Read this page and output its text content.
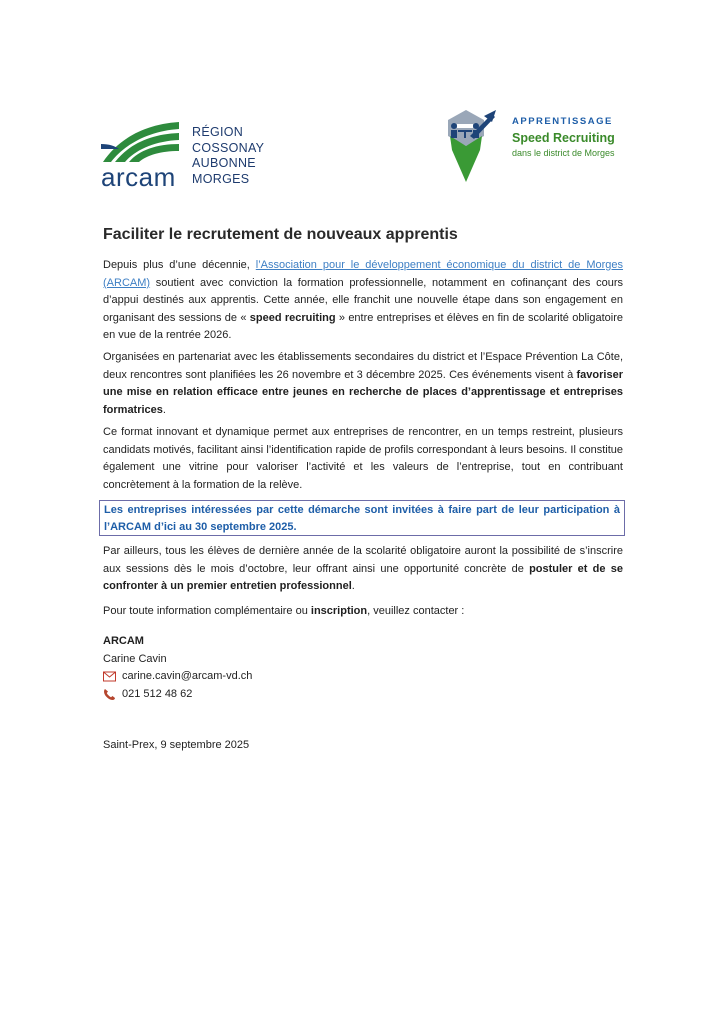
arcam
RÉGION
COSSONAY
AUBONNE
MORGES
APPRENTISSAGE
Speed Recruiting
dans le district de Morges
Faciliter le recrutement de nouveaux apprentis
Depuis plus d’une décennie, l’Association pour le développement économique du district de Morges (ARCAM) soutient avec conviction la formation professionnelle, notamment en cofinançant des cours d’appui destinés aux apprentis. Cette année, elle franchit une nouvelle étape dans son engagement en organisant des sessions de « speed recruiting » entre entreprises et élèves en fin de scolarité obligatoire en vue de la rentrée 2026.
Organisées en partenariat avec les établissements secondaires du district et l’Espace Prévention La Côte, deux rencontres sont planifiées les 26 novembre et 3 décembre 2025. Ces événements visent à favoriser une mise en relation efficace entre jeunes en recherche de places d’apprentissage et entreprises formatrices.
Ce format innovant et dynamique permet aux entreprises de rencontrer, en un temps restreint, plusieurs candidats motivés, facilitant ainsi l’identification rapide de profils correspondant à leurs besoins. Il constitue également une vitrine pour valoriser l’activité et les valeurs de l’entreprise, tout en contribuant concrètement à la formation de la relève.
Les entreprises intéressées par cette démarche sont invitées à faire part de leur participation à l’ARCAM d’ici au 30 septembre 2025.
Par ailleurs, tous les élèves de dernière année de la scolarité obligatoire auront la possibilité de s’inscrire aux sessions dès le mois d’octobre, leur offrant ainsi une opportunité concrète de postuler et de se confronter à un premier entretien professionnel.
Pour toute information complémentaire ou inscription, veuillez contacter :
ARCAM
Carine Cavin
carine.cavin@arcam-vd.ch
021 512 48 62
Saint-Prex, 9 septembre 2025
